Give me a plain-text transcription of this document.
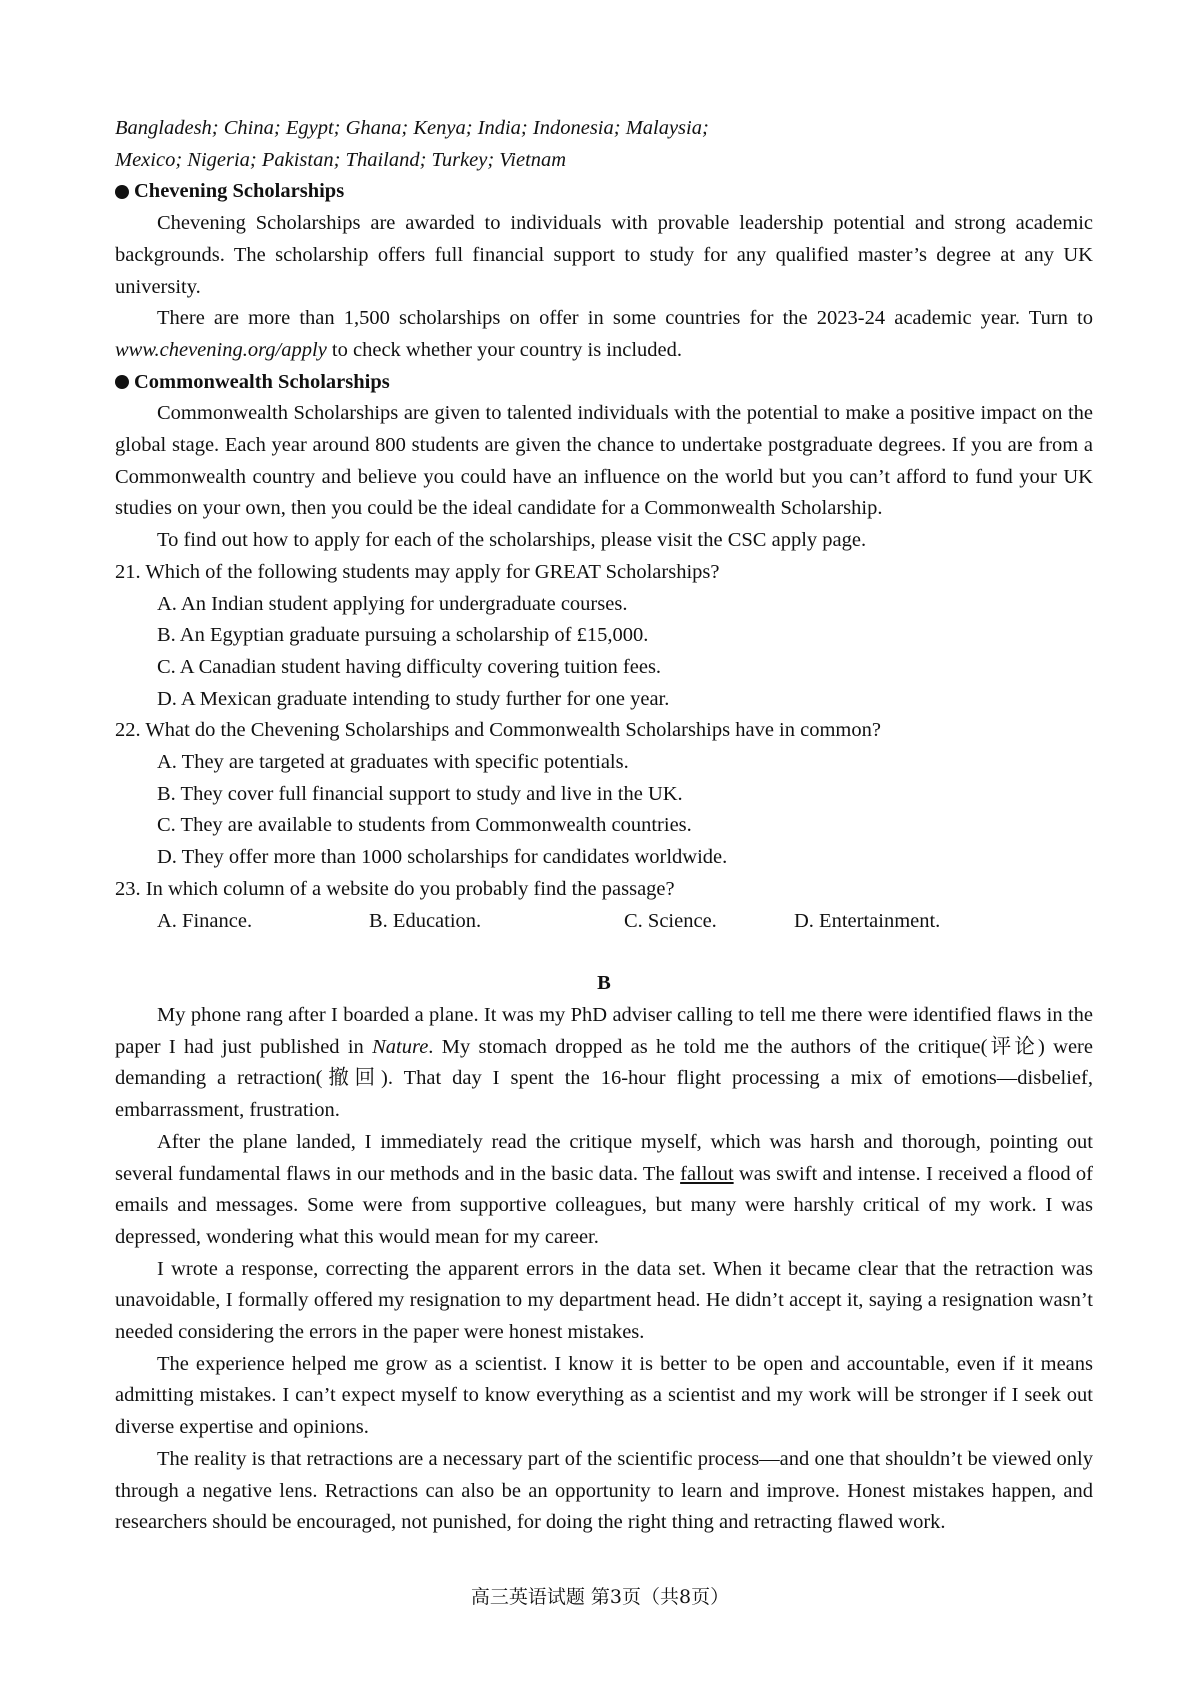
Bangladesh; China; Egypt; Ghana; Kenya; India; Indonesia; Malaysia;

Mexico; Nigeria; Pakistan; Thailand; Turkey; Vietnam

Chevening Scholarships

Chevening Scholarships are awarded to individuals with provable leadership potential and strong academic backgrounds. The scholarship offers full financial support to study for any qualified master’s degree at any UK university.

There are more than 1,500 scholarships on offer in some countries for the 2023-24 academic year. Turn to www.chevening.org/apply to check whether your country is included.

Commonwealth Scholarships

Commonwealth Scholarships are given to talented individuals with the potential to make a positive impact on the global stage. Each year around 800 students are given the chance to undertake postgraduate degrees. If you are from a Commonwealth country and believe you could have an influence on the world but you can’t afford to fund your UK studies on your own, then you could be the ideal candidate for a Commonwealth Scholarship.

To find out how to apply for each of the scholarships, please visit the CSC apply page.

21. Which of the following students may apply for GREAT Scholarships?

A. An Indian student applying for undergraduate courses.

B. An Egyptian graduate pursuing a scholarship of £15,000.

C. A Canadian student having difficulty covering tuition fees.

D. A Mexican graduate intending to study further for one year.

22. What do the Chevening Scholarships and Commonwealth Scholarships have in common?

A. They are targeted at graduates with specific potentials.

B. They cover full financial support to study and live in the UK.

C. They are available to students from Commonwealth countries.

D. They offer more than 1000 scholarships for candidates worldwide.

23. In which column of a website do you probably find the passage?

A. Finance.	B. Education.	C. Science.	D. Entertainment.

B

My phone rang after I boarded a plane. It was my PhD adviser calling to tell me there were identified flaws in the paper I had just published in Nature. My stomach dropped as he told me the authors of the critique(评论) were demanding a retraction(撤回). That day I spent the 16-hour flight processing a mix of emotions—disbelief, embarrassment, frustration.

After the plane landed, I immediately read the critique myself, which was harsh and thorough, pointing out several fundamental flaws in our methods and in the basic data. The fallout was swift and intense. I received a flood of emails and messages. Some were from supportive colleagues, but many were harshly critical of my work. I was depressed, wondering what this would mean for my career.

I wrote a response, correcting the apparent errors in the data set. When it became clear that the retraction was unavoidable, I formally offered my resignation to my department head. He didn’t accept it, saying a resignation wasn’t needed considering the errors in the paper were honest mistakes.

The experience helped me grow as a scientist. I know it is better to be open and accountable, even if it means admitting mistakes. I can’t expect myself to know everything as a scientist and my work will be stronger if I seek out diverse expertise and opinions.

The reality is that retractions are a necessary part of the scientific process—and one that shouldn’t be viewed only through a negative lens. Retractions can also be an opportunity to learn and improve. Honest mistakes happen, and researchers should be encouraged, not punished, for doing the right thing and retracting flawed work.

高三英语试题 第3页（共8页）
